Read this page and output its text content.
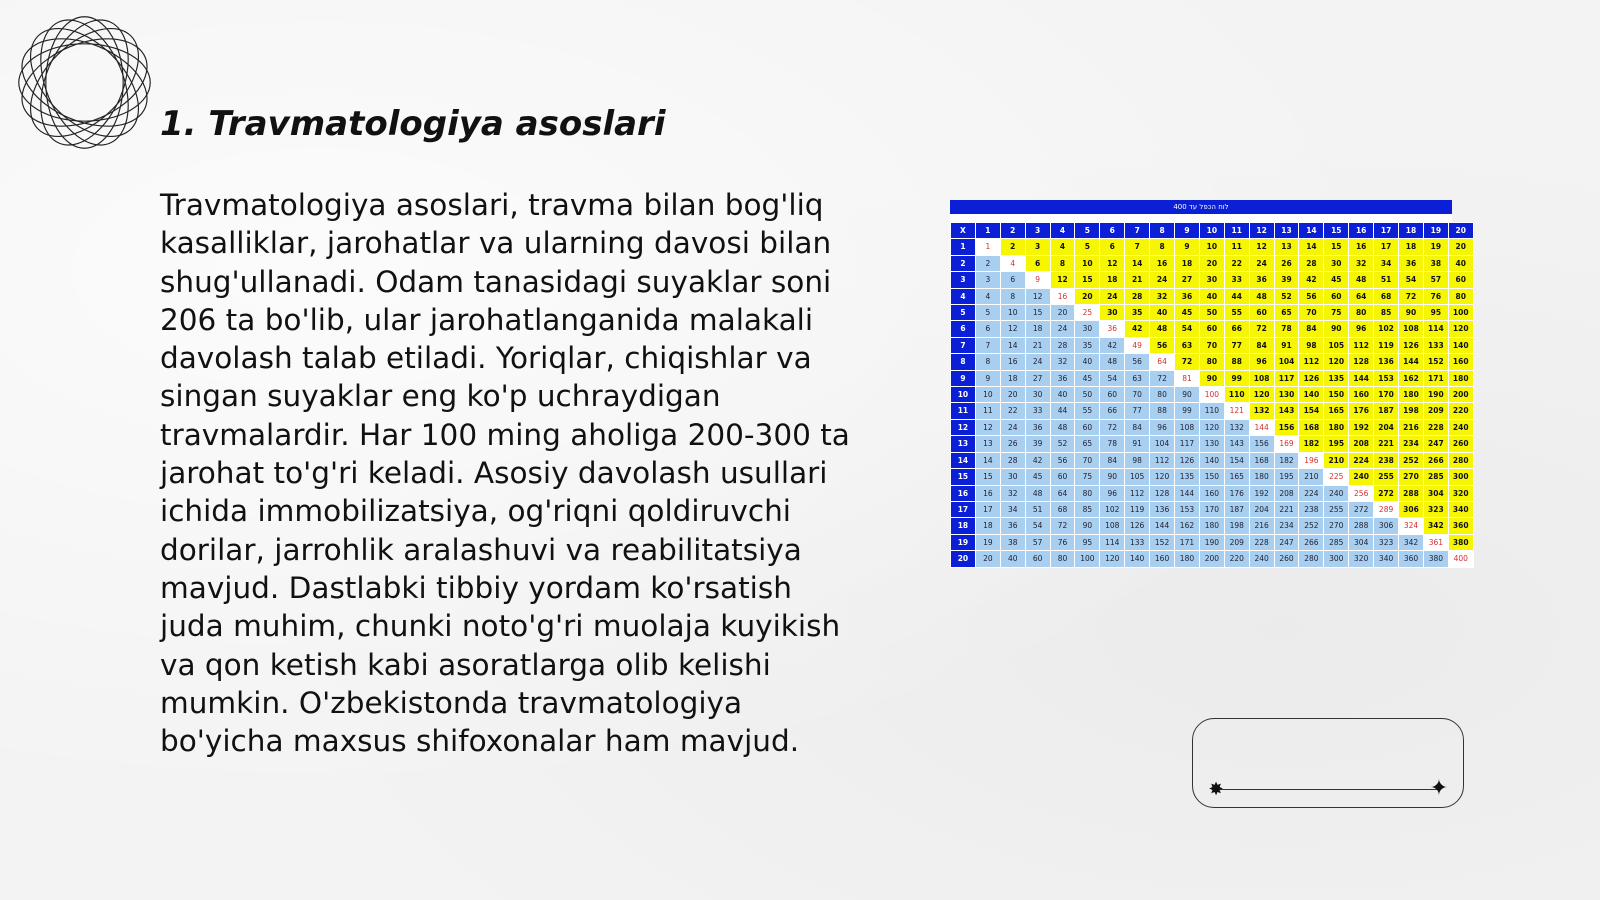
1. Travmatologiya asoslari

Travmatologiya asoslari, travma bilan bog'liq kasalliklar, jarohatlar va ularning davosi bilan shug'ullanadi. Odam tanasidagi suyaklar soni 206 ta bo'lib, ular jarohatlanganida malakali davolash talab etiladi. Yoriqlar, chiqishlar va singan suyaklar eng ko'p uchraydigan travmalardir. Har 100 ming aholiga 200-300 ta jarohat to'g'ri keladi. Asosiy davolash usullari ichida immobilizatsiya, og'riqni qoldiruvchi dorilar, jarrohlik aralashuvi va reabilitatsiya mavjud. Dastlabki tibbiy yordam ko'rsatish juda muhim, chunki noto'g'ri muolaja kuyikish va qon ketish kabi asoratlarga olib kelishi mumkin. O'zbekistonda travmatologiya bo'yicha maxsus shifoxonalar ham mavjud.

לוח הכפל עד 400
X	1	2	3	4	5	6	7	8	9	10	11	12	13	14	15	16	17	18	19	20
1	1	2	3	4	5	6	7	8	9	10	11	12	13	14	15	16	17	18	19	20
2	2	4	6	8	10	12	14	16	18	20	22	24	26	28	30	32	34	36	38	40
3	3	6	9	12	15	18	21	24	27	30	33	36	39	42	45	48	51	54	57	60
4	4	8	12	16	20	24	28	32	36	40	44	48	52	56	60	64	68	72	76	80
5	5	10	15	20	25	30	35	40	45	50	55	60	65	70	75	80	85	90	95	100
6	6	12	18	24	30	36	42	48	54	60	66	72	78	84	90	96	102	108	114	120
7	7	14	21	28	35	42	49	56	63	70	77	84	91	98	105	112	119	126	133	140
8	8	16	24	32	40	48	56	64	72	80	88	96	104	112	120	128	136	144	152	160
9	9	18	27	36	45	54	63	72	81	90	99	108	117	126	135	144	153	162	171	180
10	10	20	30	40	50	60	70	80	90	100	110	120	130	140	150	160	170	180	190	200
11	11	22	33	44	55	66	77	88	99	110	121	132	143	154	165	176	187	198	209	220
12	12	24	36	48	60	72	84	96	108	120	132	144	156	168	180	192	204	216	228	240
13	13	26	39	52	65	78	91	104	117	130	143	156	169	182	195	208	221	234	247	260
14	14	28	42	56	70	84	98	112	126	140	154	168	182	196	210	224	238	252	266	280
15	15	30	45	60	75	90	105	120	135	150	165	180	195	210	225	240	255	270	285	300
16	16	32	48	64	80	96	112	128	144	160	176	192	208	224	240	256	272	288	304	320
17	17	34	51	68	85	102	119	136	153	170	187	204	221	238	255	272	289	306	323	340
18	18	36	54	72	90	108	126	144	162	180	198	216	234	252	270	288	306	324	342	360
19	19	38	57	76	95	114	133	152	171	190	209	228	247	266	285	304	323	342	361	380
20	20	40	60	80	100	120	140	160	180	200	220	240	260	280	300	320	340	360	380	400
✸	✦
